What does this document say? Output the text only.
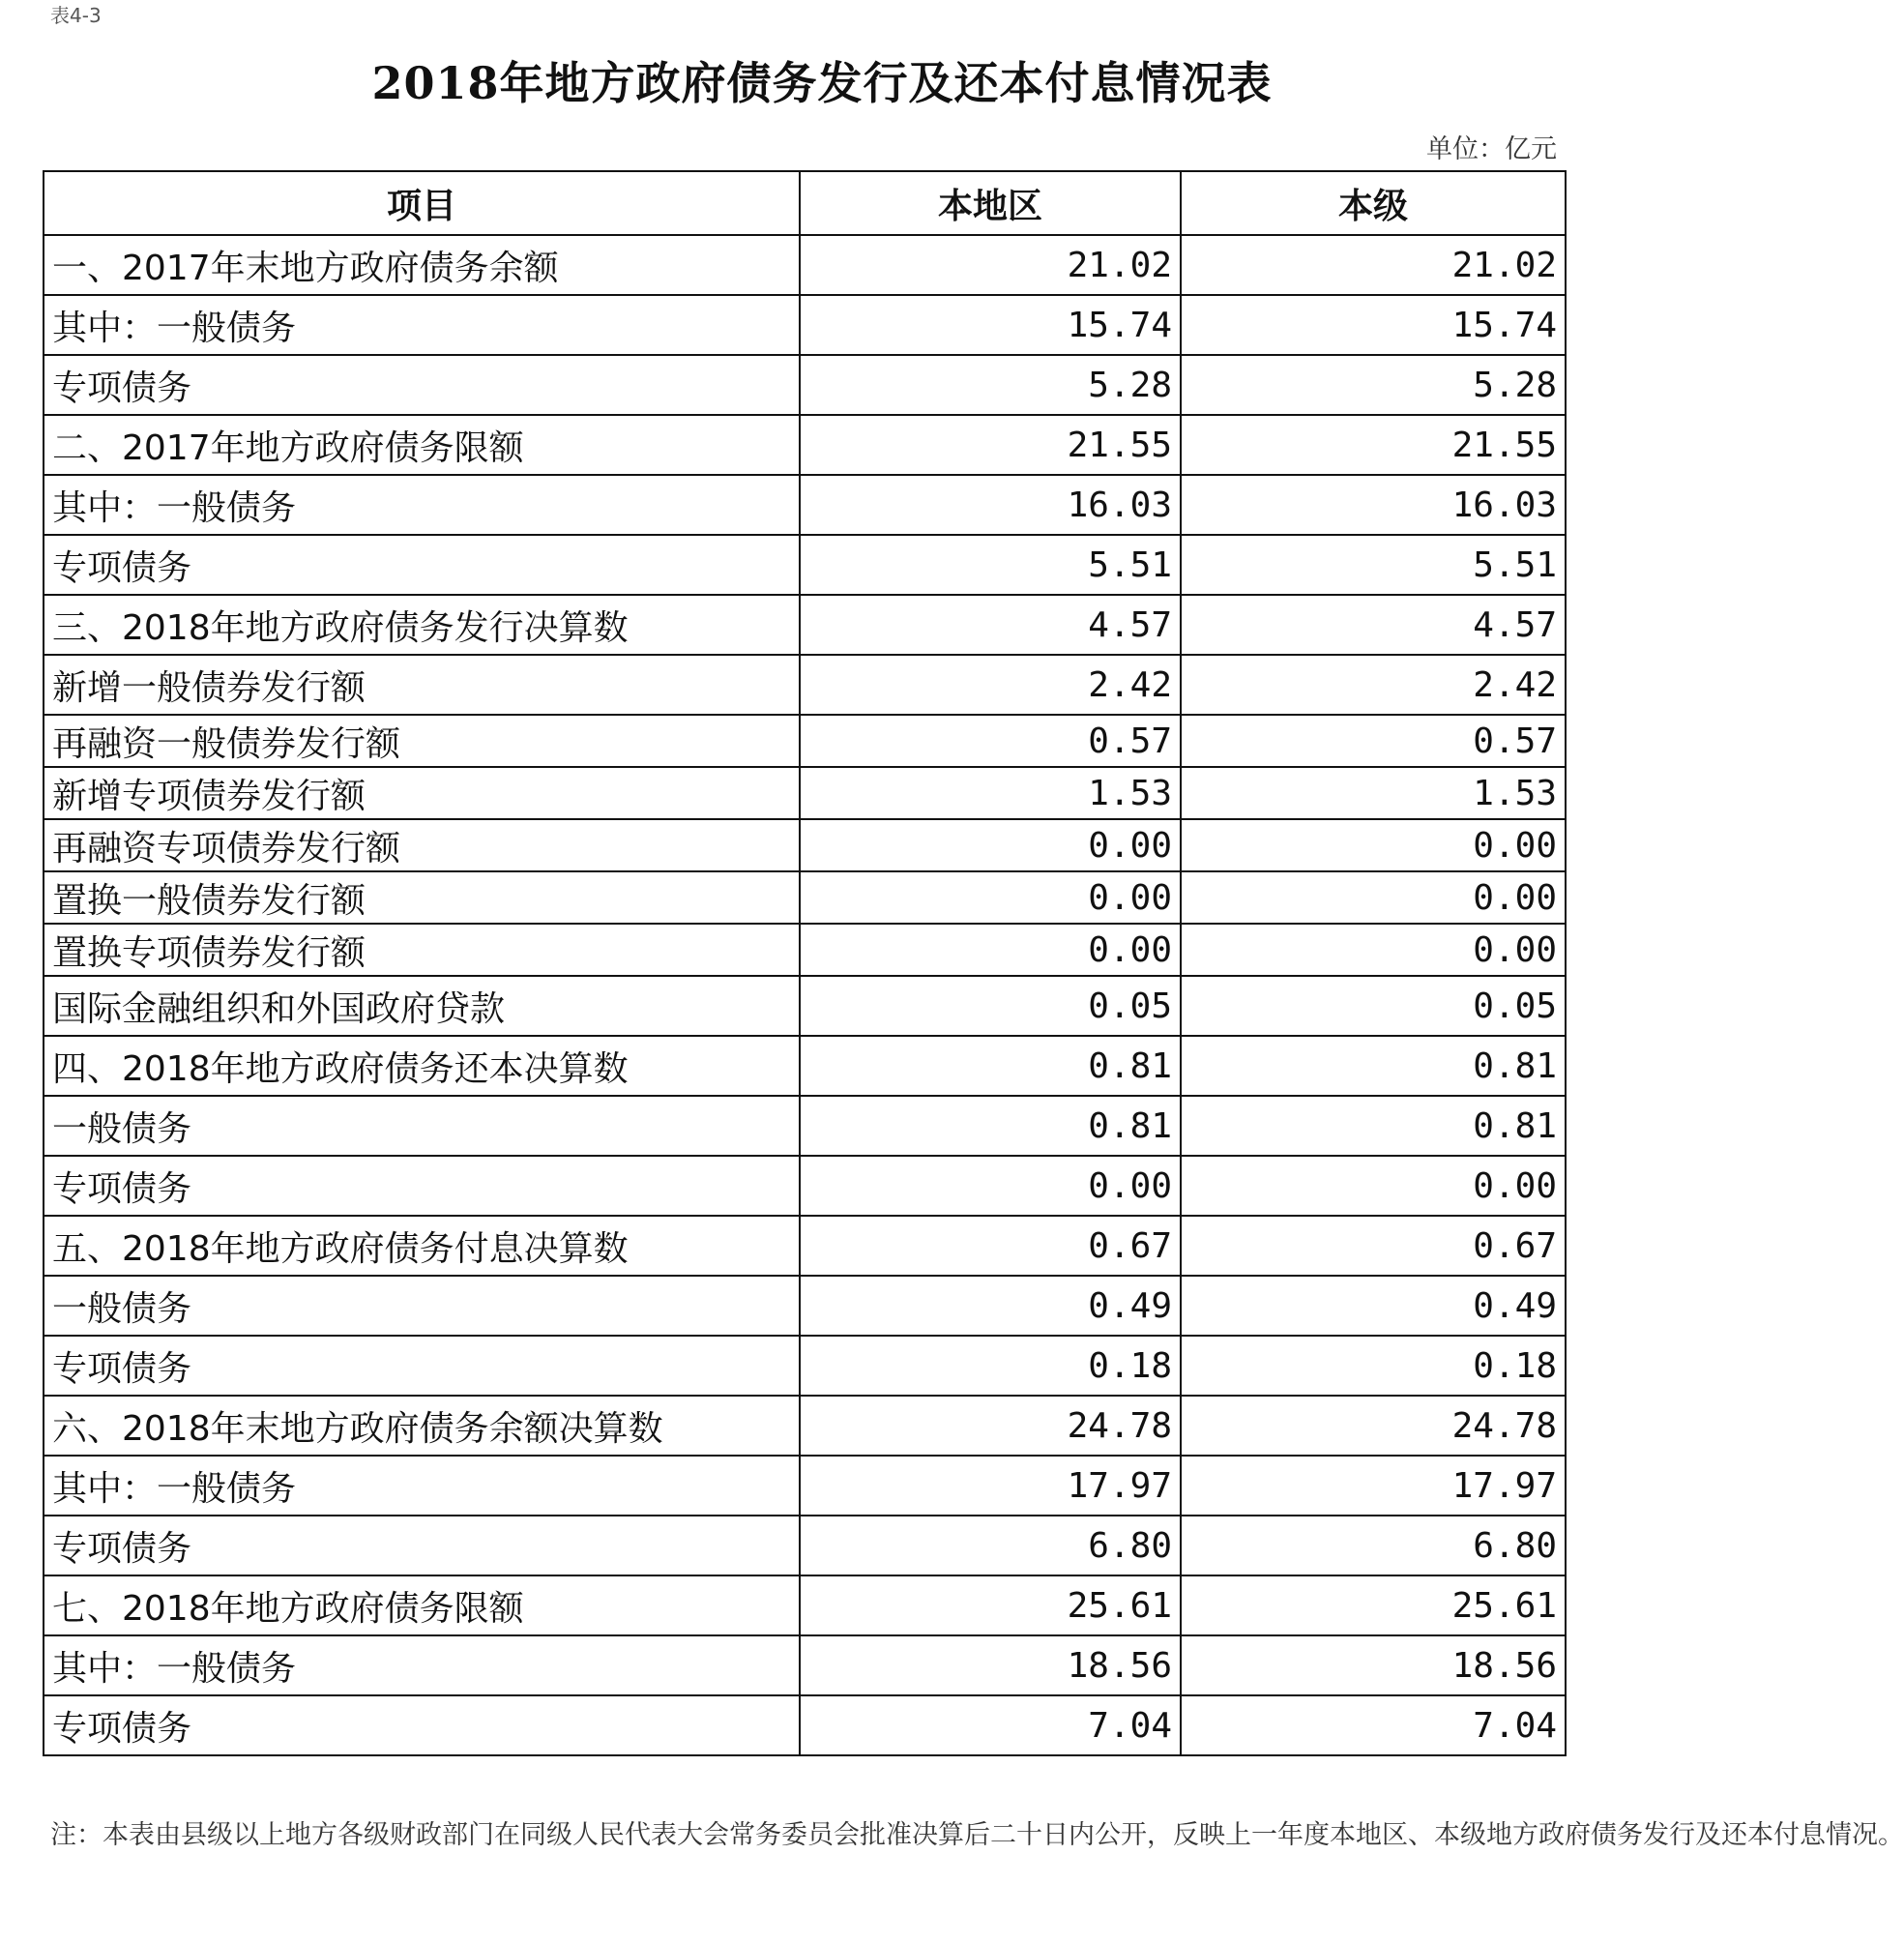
表4-3
2018年地方政府债务发行及还本付息情况表
单位：亿元
项目	本地区	本级
一、2017年末地方政府债务余额	21.02	21.02
其中：一般债务	15.74	15.74
专项债务	5.28	5.28
二、2017年地方政府债务限额	21.55	21.55
其中：一般债务	16.03	16.03
专项债务	5.51	5.51
三、2018年地方政府债务发行决算数	4.57	4.57
新增一般债券发行额	2.42	2.42
再融资一般债券发行额	0.57	0.57
新增专项债券发行额	1.53	1.53
再融资专项债券发行额	0.00	0.00
置换一般债券发行额	0.00	0.00
置换专项债券发行额	0.00	0.00
国际金融组织和外国政府贷款	0.05	0.05
四、2018年地方政府债务还本决算数	0.81	0.81
一般债务	0.81	0.81
专项债务	0.00	0.00
五、2018年地方政府债务付息决算数	0.67	0.67
一般债务	0.49	0.49
专项债务	0.18	0.18
六、2018年末地方政府债务余额决算数	24.78	24.78
其中：一般债务	17.97	17.97
专项债务	6.80	6.80
七、2018年地方政府债务限额	25.61	25.61
其中：一般债务	18.56	18.56
专项债务	7.04	7.04
注：本表由县级以上地方各级财政部门在同级人民代表大会常务委员会批准决算后二十日内公开，反映上一年度本地区、本级地方政府债务发行及还本付息情况。
